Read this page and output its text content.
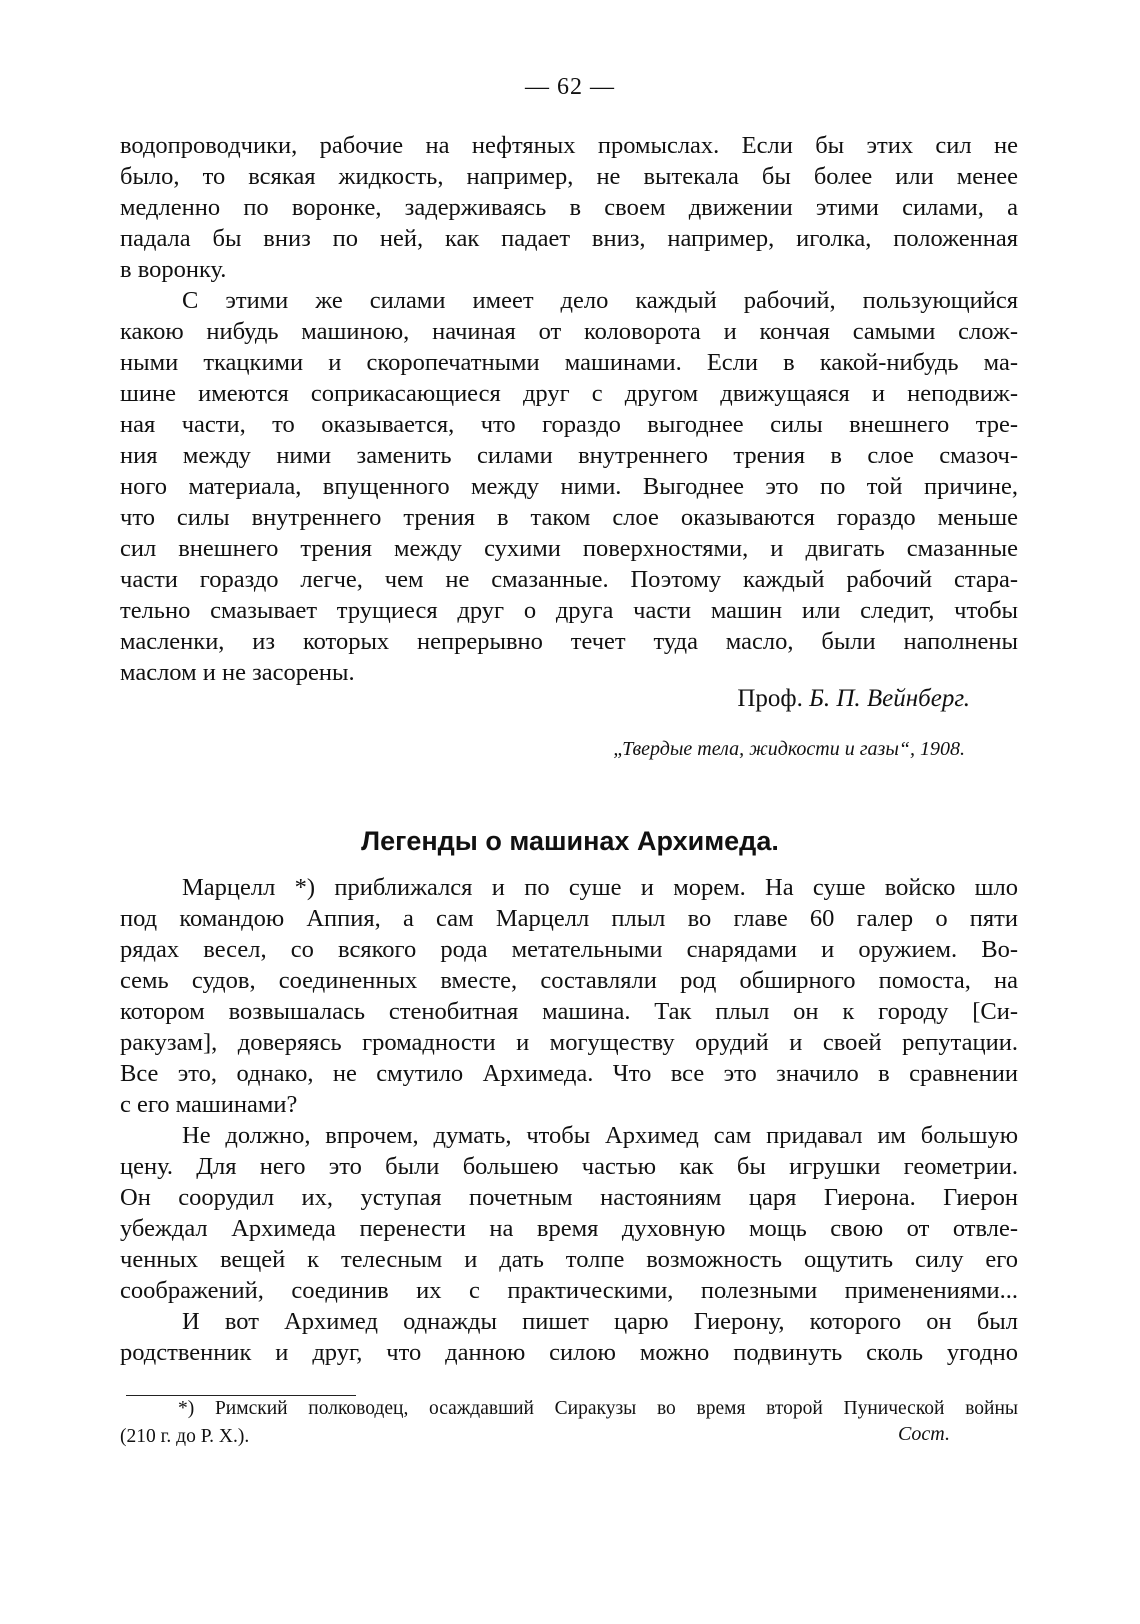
— 62 —
водопроводчики, рабочие на нефтяных промыслах. Если бы этих сил не
было, то всякая жидкость, например, не вытекала бы более или менее
медленно по воронке, задерживаясь в своем движении этими силами, а
падала бы вниз по ней, как падает вниз, например, иголка, положенная
в воронку.
С этими же силами имеет дело каждый рабочий, пользующийся
какою нибудь машиною, начиная от коловорота и кончая самыми слож-
ными ткацкими и скоропечатными машинами. Если в какой-нибудь ма-
шине имеются соприкасающиеся друг с другом движущаяся и неподвиж-
ная части, то оказывается, что гораздо выгоднее силы внешнего тре-
ния между ними заменить силами внутреннего трения в слое смазоч-
ного материала, впущенного между ними. Выгоднее это по той причине,
что силы внутреннего трения в таком слое оказываются гораздо меньше
сил внешнего трения между сухими поверхностями, и двигать смазанные
части гораздо легче, чем не смазанные. Поэтому каждый рабочий стара-
тельно смазывает трущиеся друг о друга части машин или следит, чтобы
масленки, из которых непрерывно течет туда масло, были наполнены
маслом и не засорены.
Проф. Б. П. Вейнберг.
„Твердые тела, жидкости и газы“, 1908.
Легенды о машинах Архимеда.
Марцелл *) приближался и по суше и морем. На суше войско шло
под командою Аппия, а сам Марцелл плыл во главе 60 галер о пяти
рядах весел, со всякого рода метательными снарядами и оружием. Во-
семь судов, соединенных вместе, составляли род обширного помоста, на
котором возвышалась стенобитная машина. Так плыл он к городу [Си-
ракузам], доверяясь громадности и могуществу орудий и своей репутации.
Все это, однако, не смутило Архимеда. Что все это значило в сравнении
с его машинами?
Не должно, впрочем, думать, чтобы Архимед сам придавал им большую
цену. Для него это были большею частью как бы игрушки геометрии.
Он соорудил их, уступая почетным настояниям царя Гиерона. Гиерон
убеждал Архимеда перенести на время духовную мощь свою от отвле-
ченных вещей к телесным и дать толпе возможность ощутить силу его
соображений, соединив их с практическими, полезными применениями...
И вот Архимед однажды пишет царю Гиерону, которого он был
родственник и друг, что данною силою можно подвинуть сколь угодно
*) Римский полководец, осаждавший Сиракузы во время второй Пунической войны
(210 г. до Р. Х.).	Сост.
